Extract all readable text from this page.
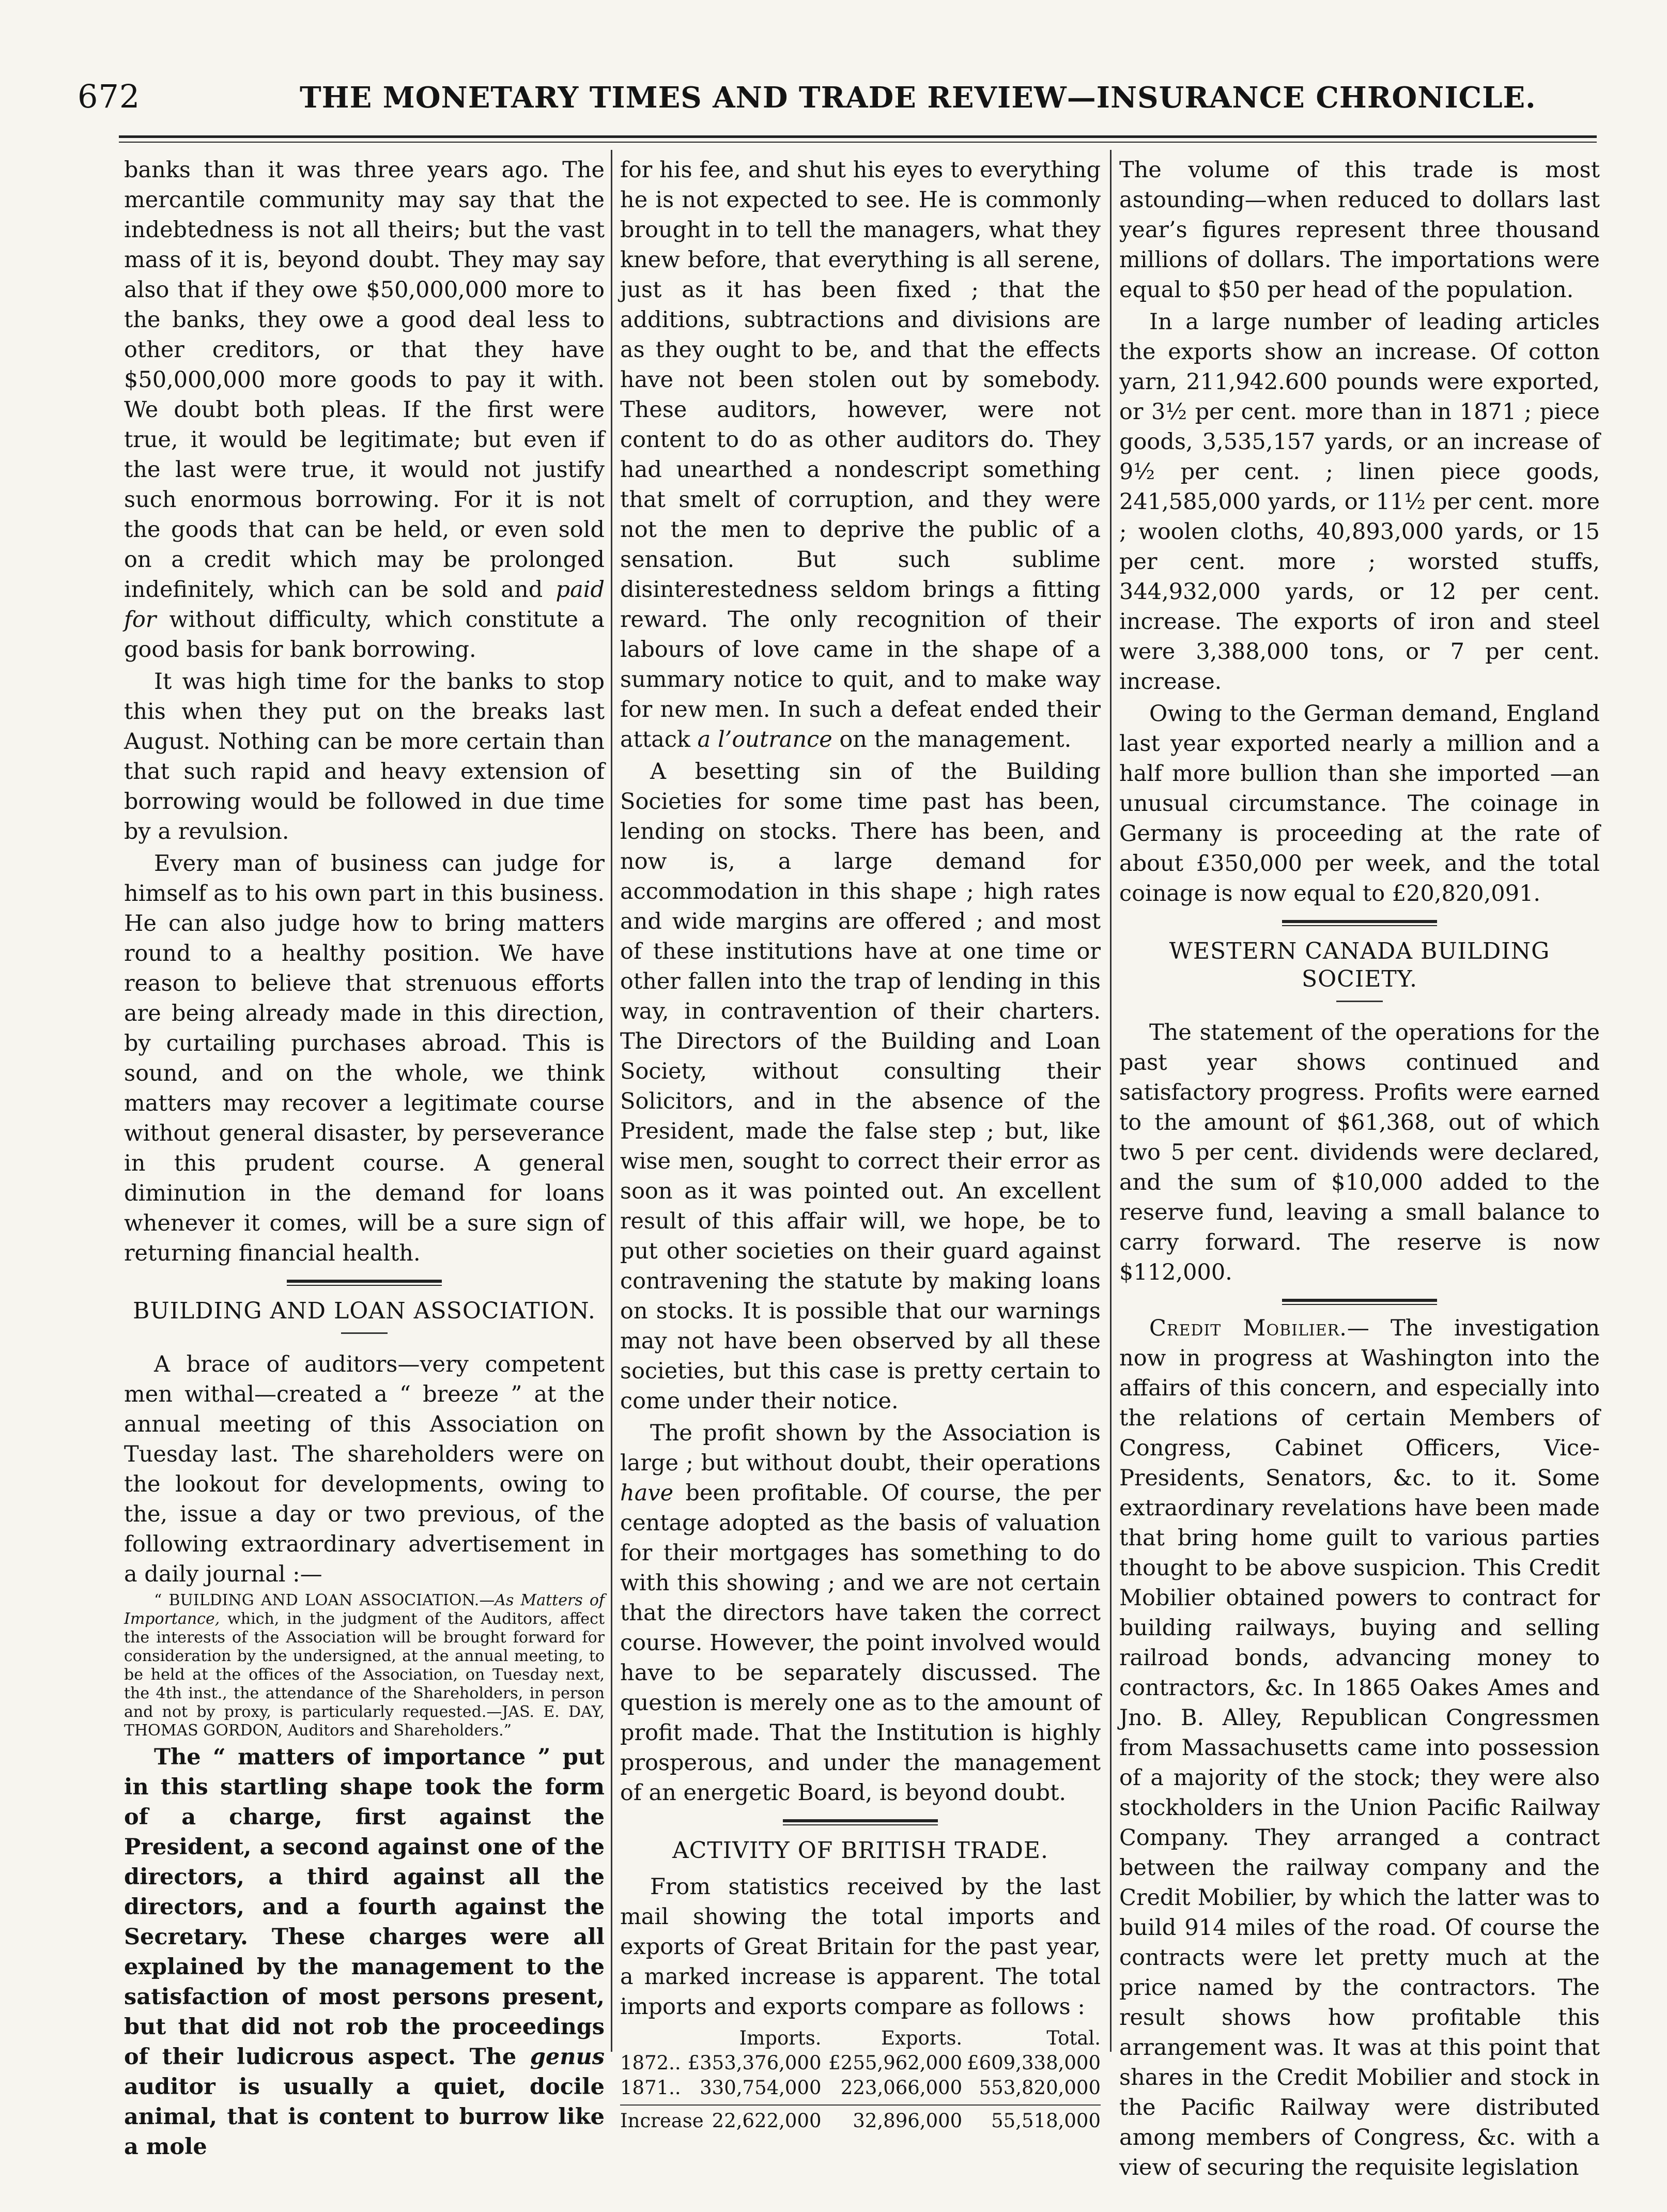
672	THE MONETARY TIMES AND TRADE REVIEW—INSURANCE CHRONICLE.

banks than it was three years ago. The mercantile community may say that the indebtedness is not all theirs; but the vast mass of it is, beyond doubt. They may say also that if they owe $50,000,000 more to the banks, they owe a good deal less to other creditors, or that they have $50,000,000 more goods to pay it with. We doubt both pleas. If the first were true, it would be legitimate; but even if the last were true, it would not justify such enormous borrowing. For it is not the goods that can be held, or even sold on a credit which may be prolonged indefinitely, which can be sold and paid for without difficulty, which constitute a good basis for bank borrowing.

It was high time for the banks to stop this when they put on the breaks last August. Nothing can be more certain than that such rapid and heavy extension of borrowing would be followed in due time by a revulsion.

Every man of business can judge for himself as to his own part in this business. He can also judge how to bring matters round to a healthy position. We have reason to believe that strenuous efforts are being already made in this direction, by curtailing purchases abroad. This is sound, and on the whole, we think matters may recover a legitimate course without general disaster, by perseverance in this prudent course. A general diminution in the demand for loans whenever it comes, will be a sure sign of returning financial health.

BUILDING AND LOAN ASSOCIATION.

A brace of auditors—very competent men withal—created a “ breeze ” at the annual meeting of this Association on Tuesday last. The shareholders were on the lookout for developments, owing to the, issue a day or two previous, of the following extraordinary advertisement in a daily journal :—

“ BUILDING AND LOAN ASSOCIATION.—As Matters of Importance, which, in the judgment of the Auditors, affect the interests of the Association will be brought forward for consideration by the undersigned, at the annual meeting, to be held at the offices of the Association, on Tuesday next, the 4th inst., the attendance of the Shareholders, in person and not by proxy, is particularly requested.—JAS. E. DAY, THOMAS GORDON, Auditors and Shareholders.”

The “ matters of importance ” put in this startling shape took the form of a charge, first against the President, a second against one of the directors, a third against all the directors, and a fourth against the Secretary. These charges were all explained by the management to the satisfaction of most persons present, but that did not rob the proceedings of their ludicrous aspect. The genus auditor is usually a quiet, docile animal, that is content to burrow like a mole

for his fee, and shut his eyes to everything he is not expected to see. He is commonly brought in to tell the managers, what they knew before, that everything is all serene, just as it has been fixed ; that the additions, subtractions and divisions are as they ought to be, and that the effects have not been stolen out by somebody. These auditors, however, were not content to do as other auditors do. They had unearthed a nondescript something that smelt of corruption, and they were not the men to deprive the public of a sensation. But such sublime disinterestedness seldom brings a fitting reward. The only recognition of their labours of love came in the shape of a summary notice to quit, and to make way for new men. In such a defeat ended their attack a l’outrance on the management.

A besetting sin of the Building Societies for some time past has been, lending on stocks. There has been, and now is, a large demand for accommodation in this shape ; high rates and wide margins are offered ; and most of these institutions have at one time or other fallen into the trap of lending in this way, in contravention of their charters. The Directors of the Building and Loan Society, without consulting their Solicitors, and in the absence of the President, made the false step ; but, like wise men, sought to correct their error as soon as it was pointed out. An excellent result of this affair will, we hope, be to put other societies on their guard against contravening the statute by making loans on stocks. It is possible that our warnings may not have been observed by all these societies, but this case is pretty certain to come under their notice.

The profit shown by the Association is large ; but without doubt, their operations have been profitable. Of course, the per centage adopted as the basis of valuation for their mortgages has something to do with this showing ; and we are not certain that the directors have taken the correct course. However, the point involved would have to be separately discussed. The question is merely one as to the amount of profit made. That the Institution is highly prosperous, and under the management of an energetic Board, is beyond doubt.

ACTIVITY OF BRITISH TRADE.

From statistics received by the last mail showing the total imports and exports of Great Britain for the past year, a marked increase is apparent. The total imports and exports compare as follows :

Imports.	Exports.	Total.
1872.. £353,376,000 £255,962,000 £609,338,000
1871.. 330,754,000	223,066,000 553,820,000
Increase 22,622,000	32,896,000	55,518,000

The volume of this trade is most astounding—when reduced to dollars last year’s figures represent three thousand millions of dollars. The importations were equal to $50 per head of the population.

In a large number of leading articles the exports show an increase. Of cotton yarn, 211,942.600 pounds were exported, or 3½ per cent. more than in 1871 ; piece goods, 3,535,157 yards, or an increase of 9½ per cent. ; linen piece goods, 241,585,000 yards, or 11½ per cent. more ; woolen cloths, 40,893,000 yards, or 15 per cent. more ; worsted stuffs, 344,932,000 yards, or 12 per cent. increase. The exports of iron and steel were 3,388,000 tons, or 7 per cent. increase.

Owing to the German demand, England last year exported nearly a million and a half more bullion than she imported —an unusual circumstance. The coinage in Germany is proceeding at the rate of about £350,000 per week, and the total coinage is now equal to £20,820,091.

WESTERN CANADA BUILDING SOCIETY.

The statement of the operations for the past year shows continued and satisfactory progress. Profits were earned to the amount of $61,368, out of which two 5 per cent. dividends were declared, and the sum of $10,000 added to the reserve fund, leaving a small balance to carry forward. The reserve is now $112,000.

Credit Mobilier.— The investigation now in progress at Washington into the affairs of this concern, and especially into the relations of certain Members of Congress, Cabinet Officers, Vice-Presidents, Senators, &c. to it. Some extraordinary revelations have been made that bring home guilt to various parties thought to be above suspicion. This Credit Mobilier obtained powers to contract for building railways, buying and selling railroad bonds, advancing money to contractors, &c. In 1865 Oakes Ames and Jno. B. Alley, Republican Congressmen from Massachusetts came into possession of a majority of the stock; they were also stockholders in the Union Pacific Railway Company. They arranged a contract between the railway company and the Credit Mobilier, by which the latter was to build 914 miles of the road. Of course the contracts were let pretty much at the price named by the contractors. The result shows how profitable this arrangement was. It was at this point that shares in the Credit Mobilier and stock in the Pacific Railway were distributed among members of Congress, &c. with a view of securing the requisite legislation
